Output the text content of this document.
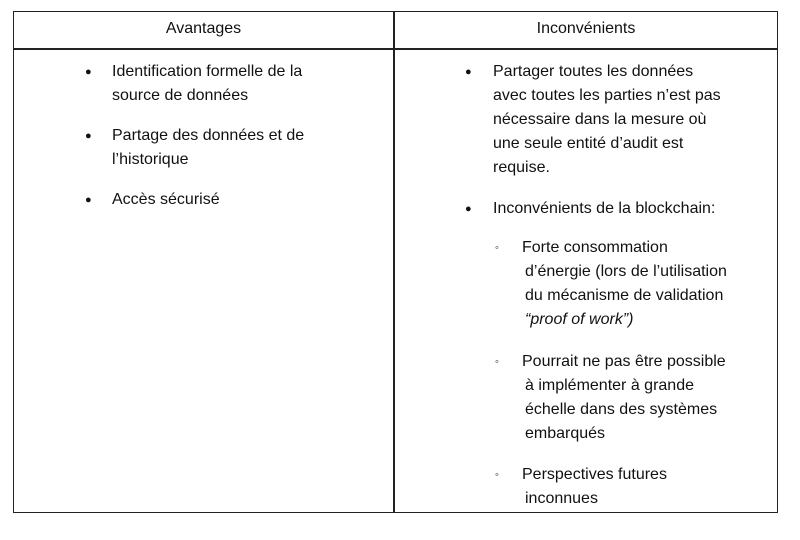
Avantages	Inconvénients
● Identification formelle de la
source de données
● Partage des données et de
l’historique
● Accès sécurisé
● Partager toutes les données
avec toutes les parties n’est pas
nécessaire dans la mesure où
une seule entité d’audit est
requise.
● Inconvénients de la blockchain:
◦ Forte consommation
d’énergie (lors de l’utilisation
du mécanisme de validation
“proof of work”)
◦ Pourrait ne pas être possible
à implémenter à grande
échelle dans des systèmes
embarqués
◦ Perspectives futures
inconnues
